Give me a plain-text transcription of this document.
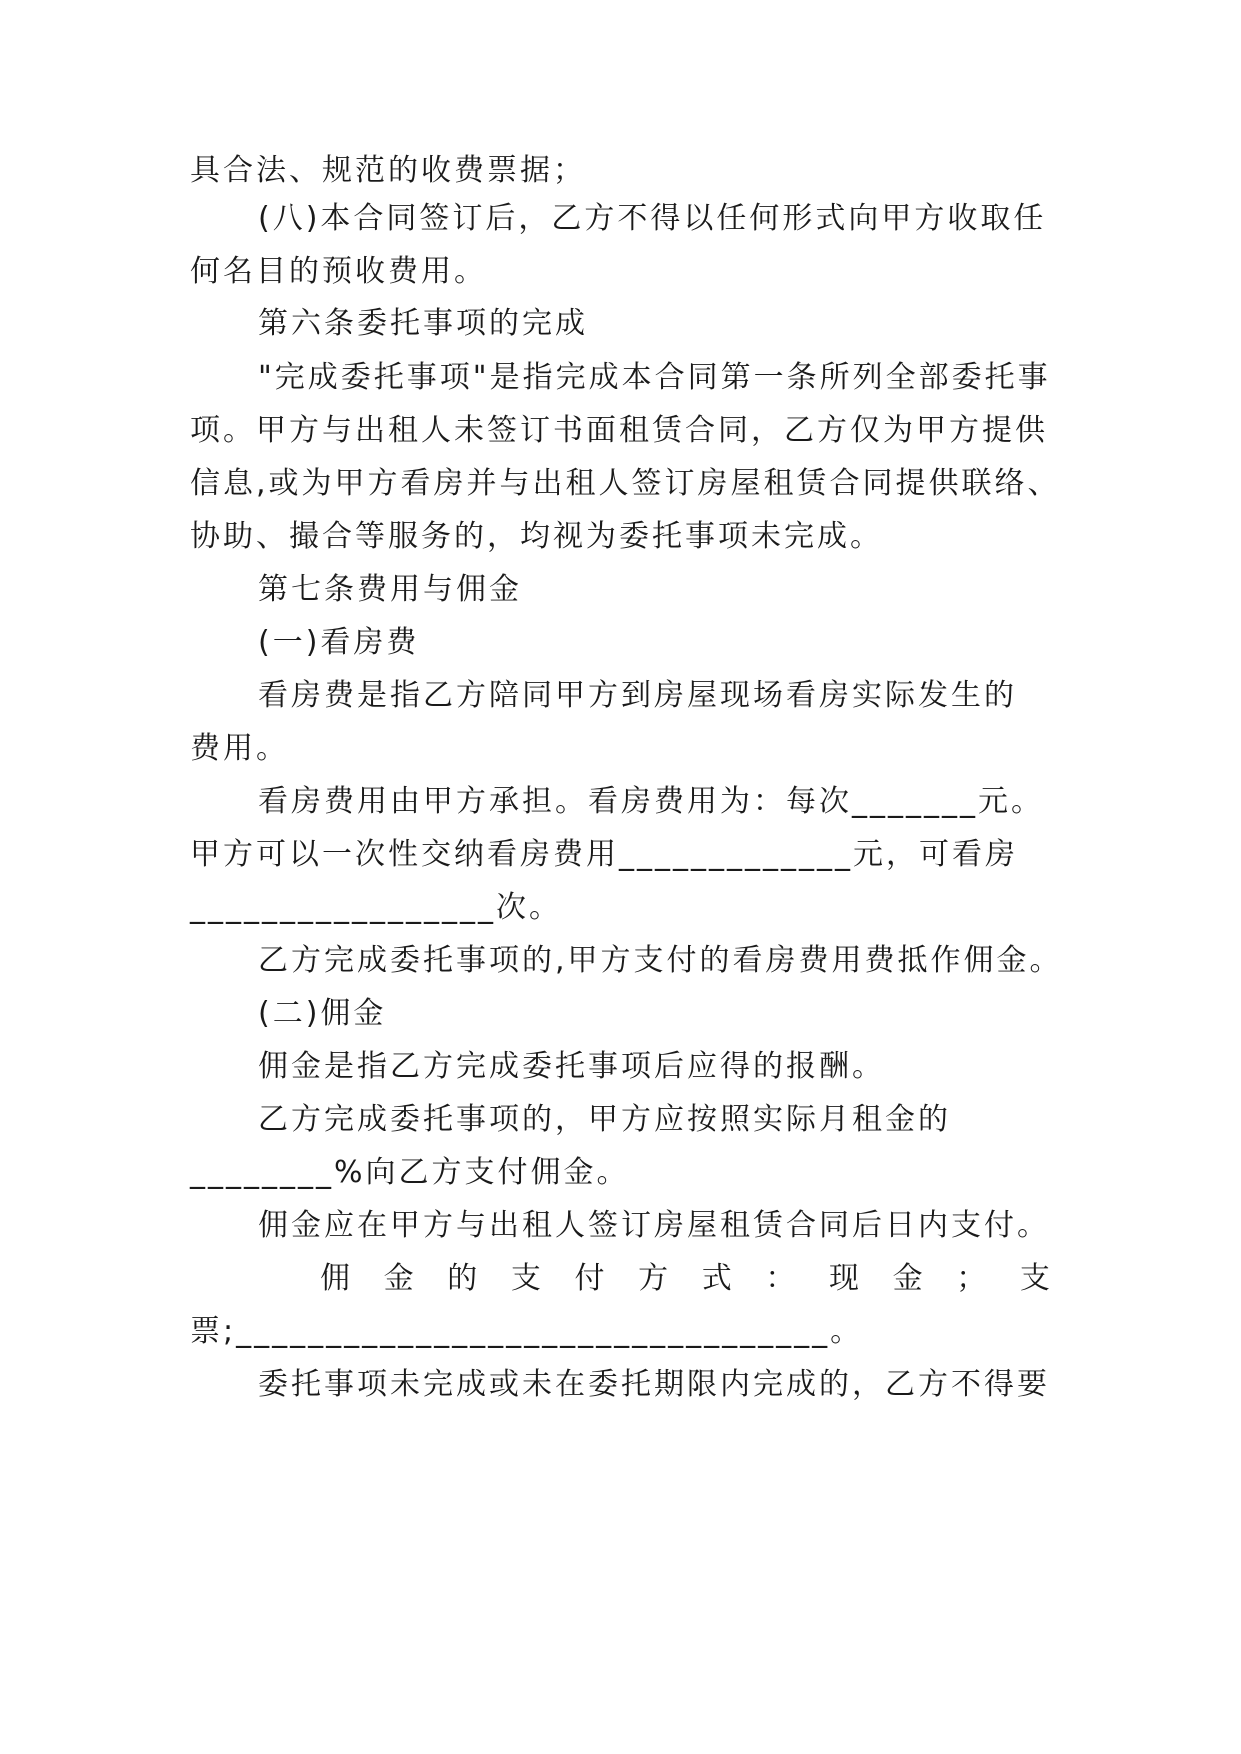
具合法、规范的收费票据；
(八)本合同签订后，乙方不得以任何形式向甲方收取任
何名目的预收费用。
第六条委托事项的完成
"完成委托事项"是指完成本合同第一条所列全部委托事
项。甲方与出租人未签订书面租赁合同，乙方仅为甲方提供
信息,或为甲方看房并与出租人签订房屋租赁合同提供联络、
协助、撮合等服务的，均视为委托事项未完成。
第七条费用与佣金
(一)看房费
看房费是指乙方陪同甲方到房屋现场看房实际发生的
费用。
看房费用由甲方承担。看房费用为：每次_______元。
甲方可以一次性交纳看房费用_____________元，可看房
_________________次。
乙方完成委托事项的,甲方支付的看房费用费抵作佣金。
(二)佣金
佣金是指乙方完成委托事项后应得的报酬。
乙方完成委托事项的，甲方应按照实际月租金的
________%向乙方支付佣金。
佣金应在甲方与出租人签订房屋租赁合同后日内支付。
佣 金 的 支 付 方 式 ： 现 金 ； 支
票;_________________________________。
委托事项未完成或未在委托期限内完成的，乙方不得要
